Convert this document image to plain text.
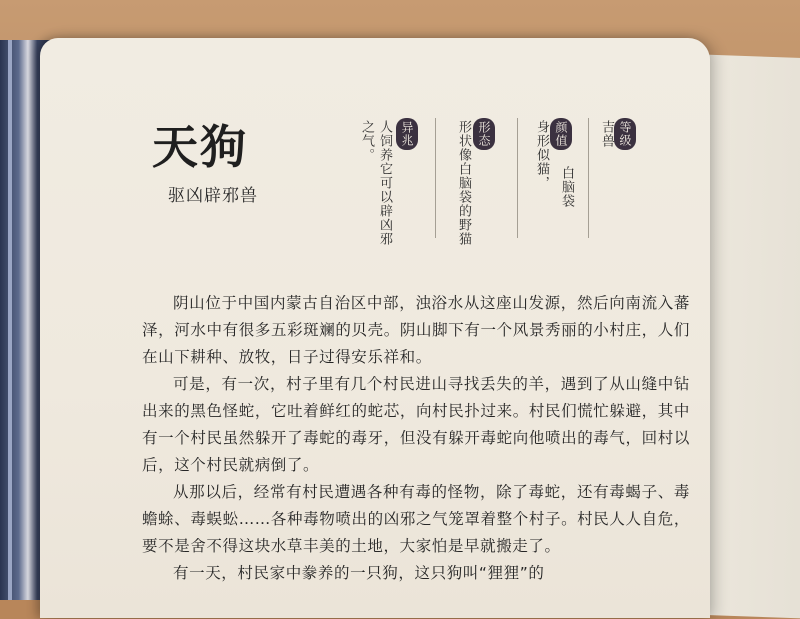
天狗
驱凶辟邪兽
等级
吉兽
颜值
身形似猫， 白脑袋
形态
形状像白脑袋的野猫
异兆
人饲养它可以辟凶邪
之气。

阴山位于中国内蒙古自治区中部，浊浴水从这座山发源，然后向南流入蕃泽，河水中有很多五彩斑斓的贝壳。阴山脚下有一个风景秀丽的小村庄，人们在山下耕种、放牧，日子过得安乐祥和。

可是，有一次，村子里有几个村民进山寻找丢失的羊，遇到了从山缝中钻出来的黑色怪蛇，它吐着鲜红的蛇芯，向村民扑过来。村民们慌忙躲避，其中有一个村民虽然躲开了毒蛇的毒牙，但没有躲开毒蛇向他喷出的毒气，回村以后，这个村民就病倒了。

从那以后，经常有村民遭遇各种有毒的怪物，除了毒蛇，还有毒蝎子、毒蟾蜍、毒蜈蚣……各种毒物喷出的凶邪之气笼罩着整个村子。村民人人自危，要不是舍不得这块水草丰美的土地，大家怕是早就搬走了。

有一天，村民家中豢养的一只狗，这只狗叫“狸狸”的
